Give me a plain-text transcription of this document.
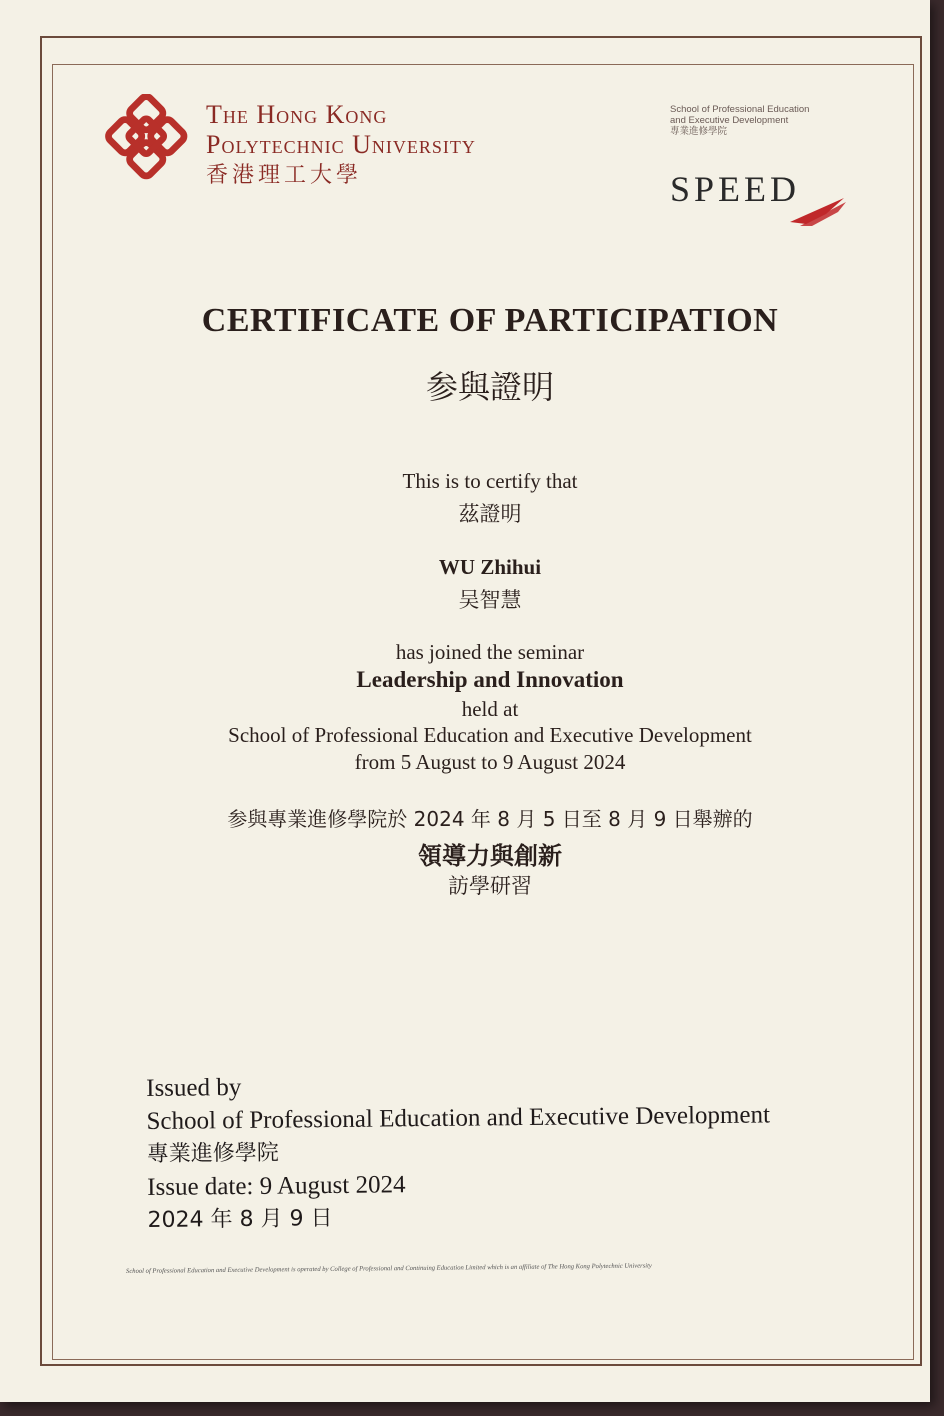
The Hong Kong
Polytechnic University
香港理工大學
School of Professional Education
and Executive Development
專業進修學院
SPEED
CERTIFICATE OF PARTICIPATION
参與證明
This is to certify that
茲證明
WU Zhihui
吴智慧
has joined the seminar
Leadership and Innovation
held at
School of Professional Education and Executive Development
from 5 August to 9 August 2024
参與專業進修學院於 2024 年 8 月 5 日至 8 月 9 日舉辦的
領導力與創新
訪學研習
Issued by
School of Professional Education and Executive Development
專業進修學院
Issue date: 9 August 2024
2024 年 8 月 9 日
School of Professional Education and Executive Development is operated by College of Professional and Continuing Education Limited which is an affiliate of The Hong Kong Polytechnic University
